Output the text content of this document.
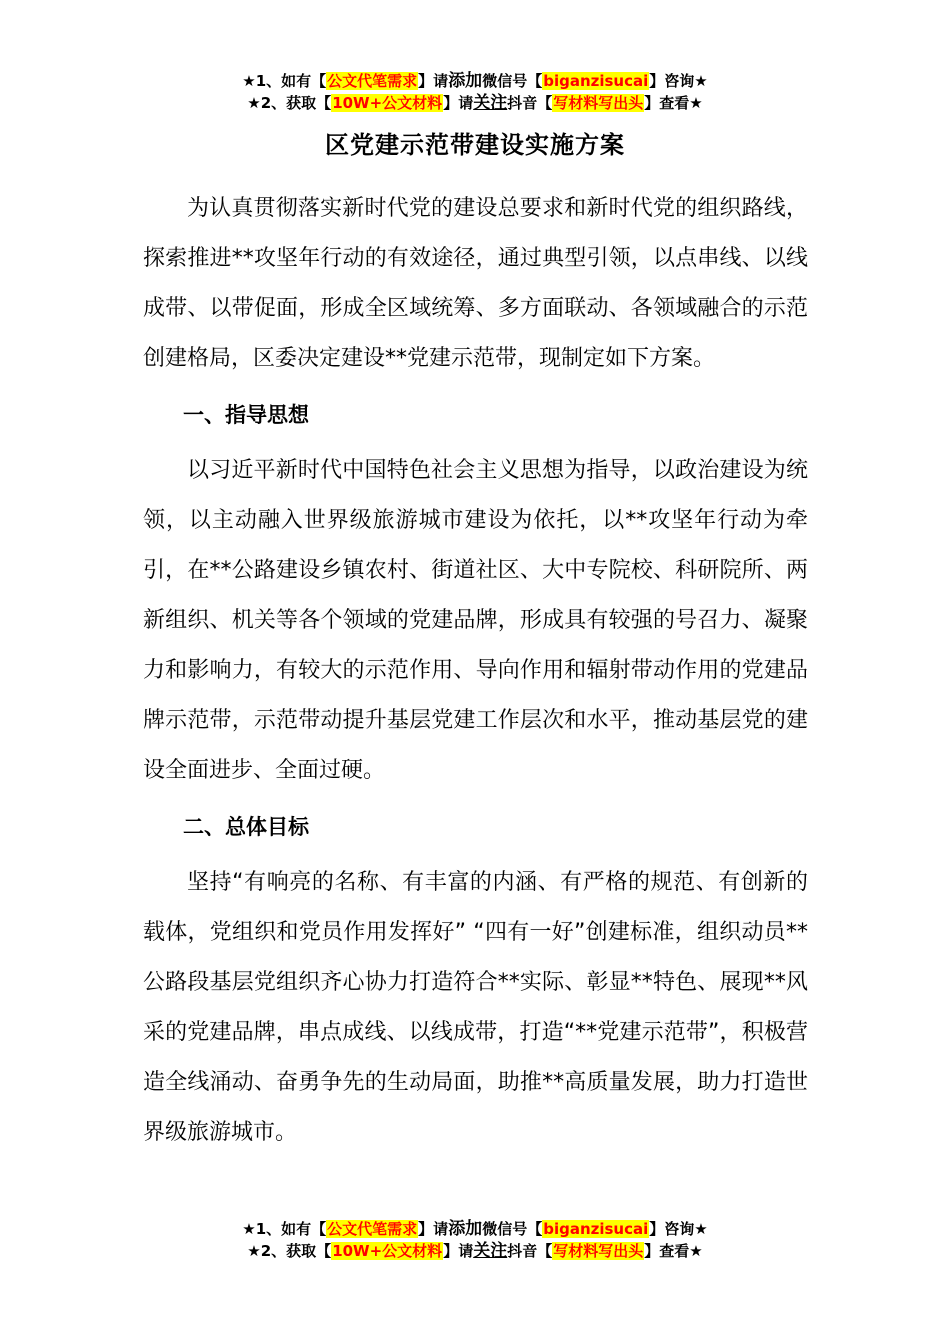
★1、如有【公文代笔需求】请添加微信号【biganzisucai】咨询★
★2、获取【10W+公文材料】请关注抖音【写材料写出头】查看★
区党建示范带建设实施方案

为认真贯彻落实新时代党的建设总要求和新时代党的组织路线，探索推进**攻坚年行动的有效途径，通过典型引领，以点串线、以线成带、以带促面，形成全区域统筹、多方面联动、各领域融合的示范创建格局，区委决定建设**党建示范带，现制定如下方案。

一、指导思想

以习近平新时代中国特色社会主义思想为指导，以政治建设为统领，以主动融入世界级旅游城市建设为依托，以**攻坚年行动为牵引，在**公路建设乡镇农村、街道社区、大中专院校、科研院所、两新组织、机关等各个领域的党建品牌，形成具有较强的号召力、凝聚力和影响力，有较大的示范作用、导向作用和辐射带动作用的党建品牌示范带，示范带动提升基层党建工作层次和水平，推动基层党的建设全面进步、全面过硬。

二、总体目标

坚持“有响亮的名称、有丰富的内涵、有严格的规范、有创新的载体，党组织和党员作用发挥好” “四有一好”创建标准，组织动员**公路段基层党组织齐心协力打造符合**实际、彰显**特色、展现**风采的党建品牌，串点成线、以线成带，打造“**党建示范带”，积极营造全线涌动、奋勇争先的生动局面，助推**高质量发展，助力打造世界级旅游城市。

★1、如有【公文代笔需求】请添加微信号【biganzisucai】咨询★
★2、获取【10W+公文材料】请关注抖音【写材料写出头】查看★
